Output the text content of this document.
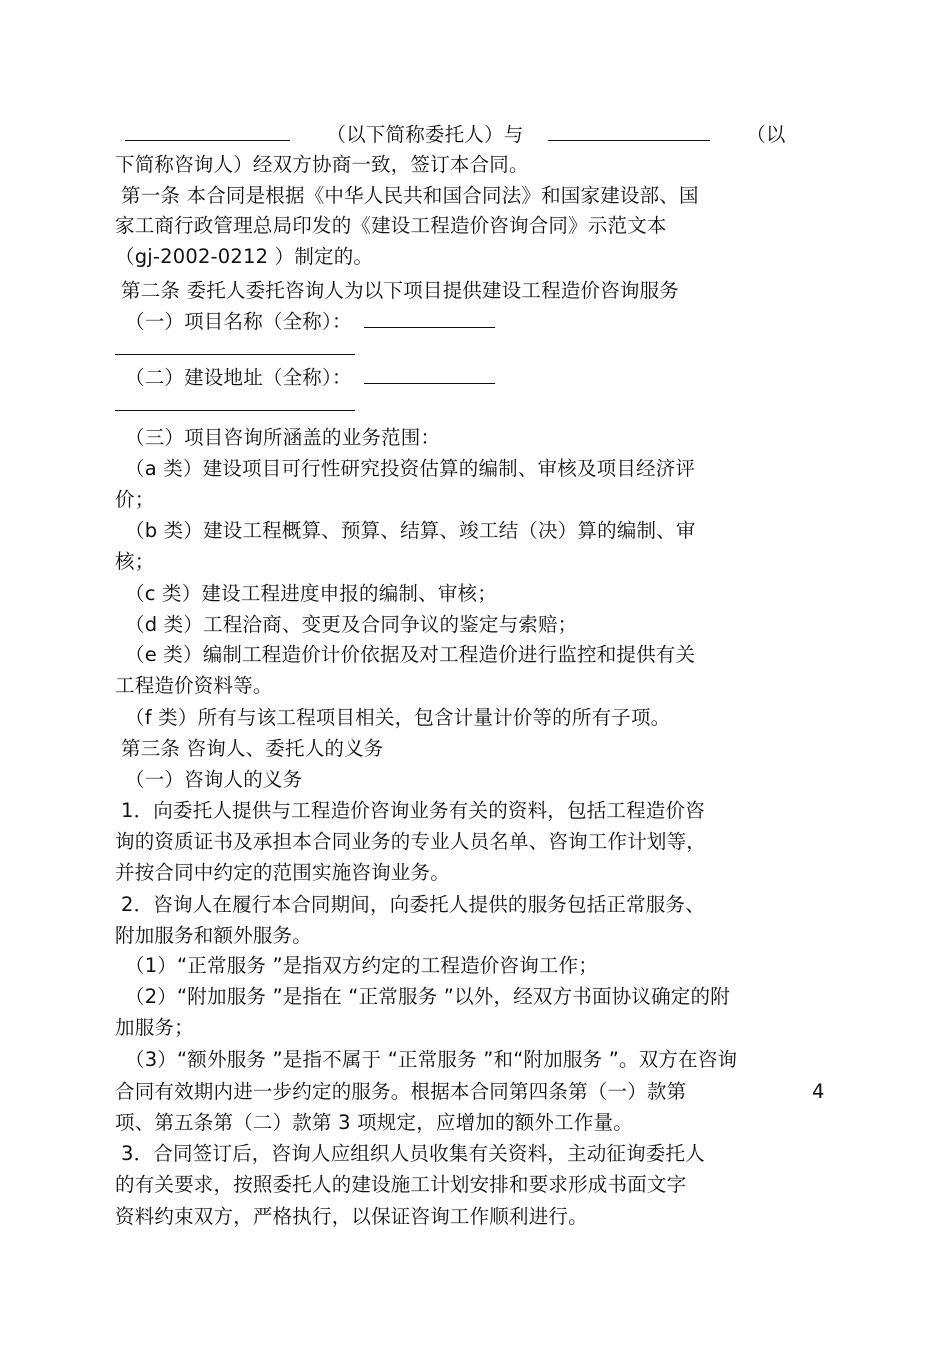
（以下简称委托人）与	（以
下简称咨询人）经双方协商一致，签订本合同。
第一条 本合同是根据《中华人民共和国合同法》和国家建设部、国
家工商行政管理总局印发的《建设工程造价咨询合同》示范文本
（gj-2002-0212 ）制定的。
第二条 委托人委托咨询人为以下项目提供建设工程造价咨询服务
（一）项目名称（全称）：
（二）建设地址（全称）：
（三）项目咨询所涵盖的业务范围：
（a 类）建设项目可行性研究投资估算的编制、审核及项目经济评
价；
（b 类）建设工程概算、预算、结算、竣工结（决）算的编制、审
核；
（c 类）建设工程进度申报的编制、审核；
（d 类）工程洽商、变更及合同争议的鉴定与索赔；
（e 类）编制工程造价计价依据及对工程造价进行监控和提供有关
工程造价资料等。
（f 类）所有与该工程项目相关，包含计量计价等的所有子项。
第三条 咨询人、委托人的义务
（一）咨询人的义务
1．向委托人提供与工程造价咨询业务有关的资料，包括工程造价咨
询的资质证书及承担本合同业务的专业人员名单、咨询工作计划等，
并按合同中约定的范围实施咨询业务。
2．咨询人在履行本合同期间，向委托人提供的服务包括正常服务、
附加服务和额外服务。
（1）“正常服务 ”是指双方约定的工程造价咨询工作；
（2）“附加服务 ”是指在 “正常服务 ”以外，经双方书面协议确定的附
加服务；
（3）“额外服务 ”是指不属于 “正常服务 ”和“附加服务 ”。双方在咨询
合同有效期内进一步约定的服务。根据本合同第四条第（一）款第	4
项、第五条第（二）款第 3 项规定，应增加的额外工作量。
3．合同签订后，咨询人应组织人员收集有关资料，主动征询委托人
的有关要求，按照委托人的建设施工计划安排和要求形成书面文字
资料约束双方，严格执行，以保证咨询工作顺利进行。
